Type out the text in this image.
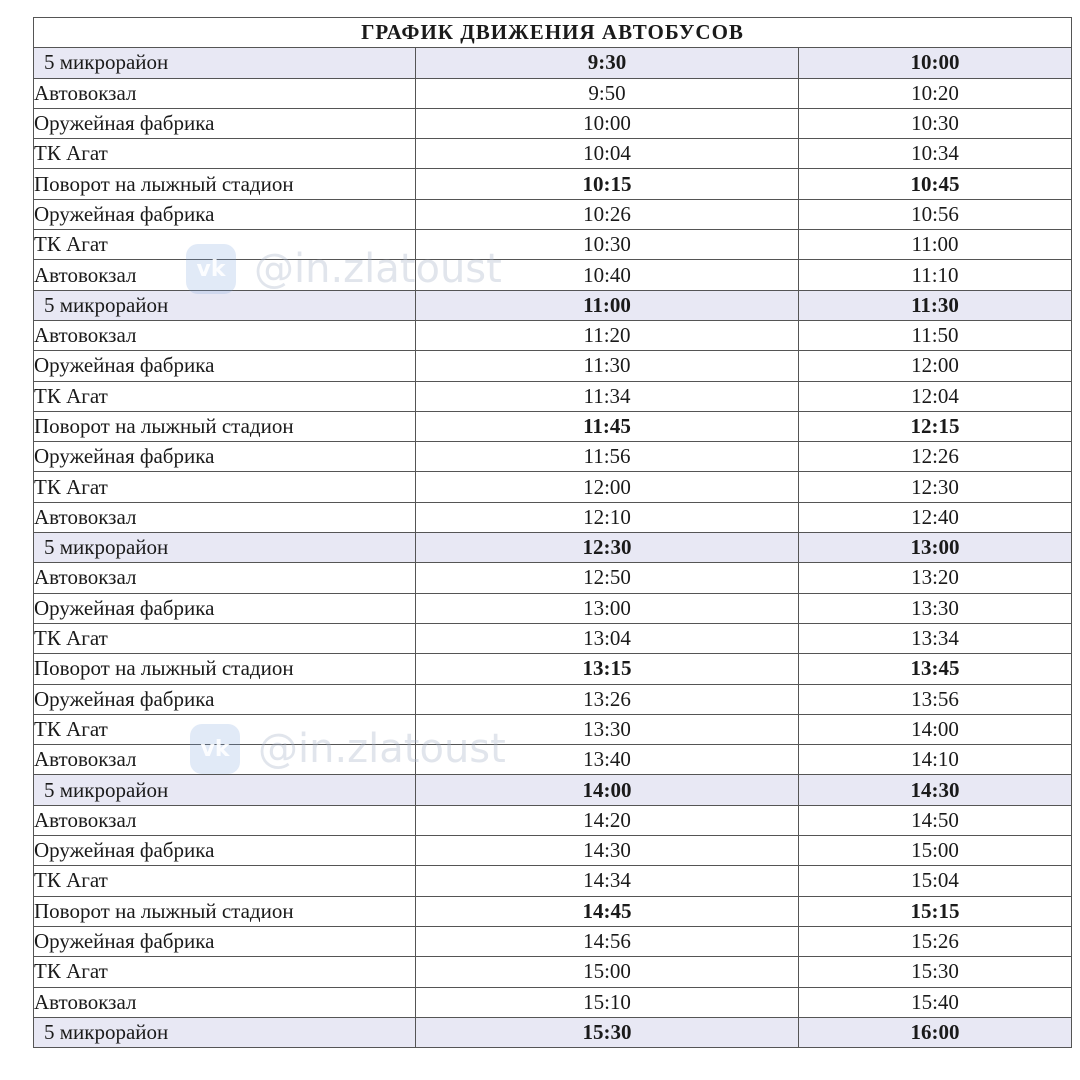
ГРАФИК ДВИЖЕНИЯ АВТОБУСОВ		
5 микрорайон	9:30	10:00
Автовокзал	9:50	10:20
Оружейная фабрика	10:00	10:30
ТК Агат	10:04	10:34
Поворот на лыжный стадион	10:15	10:45
Оружейная фабрика	10:26	10:56
ТК Агат	10:30	11:00
Автовокзал	10:40	11:10
5 микрорайон	11:00	11:30
Автовокзал	11:20	11:50
Оружейная фабрика	11:30	12:00
ТК Агат	11:34	12:04
Поворот на лыжный стадион	11:45	12:15
Оружейная фабрика	11:56	12:26
ТК Агат	12:00	12:30
Автовокзал	12:10	12:40
5 микрорайон	12:30	13:00
Автовокзал	12:50	13:20
Оружейная фабрика	13:00	13:30
ТК Агат	13:04	13:34
Поворот на лыжный стадион	13:15	13:45
Оружейная фабрика	13:26	13:56
ТК Агат	13:30	14:00
Автовокзал	13:40	14:10
5 микрорайон	14:00	14:30
Автовокзал	14:20	14:50
Оружейная фабрика	14:30	15:00
ТК Агат	14:34	15:04
Поворот на лыжный стадион	14:45	15:15
Оружейная фабрика	14:56	15:26
ТК Агат	15:00	15:30
Автовокзал	15:10	15:40
5 микрорайон	15:30	16:00
vk @in.zlatoust
vk @in.zlatoust
